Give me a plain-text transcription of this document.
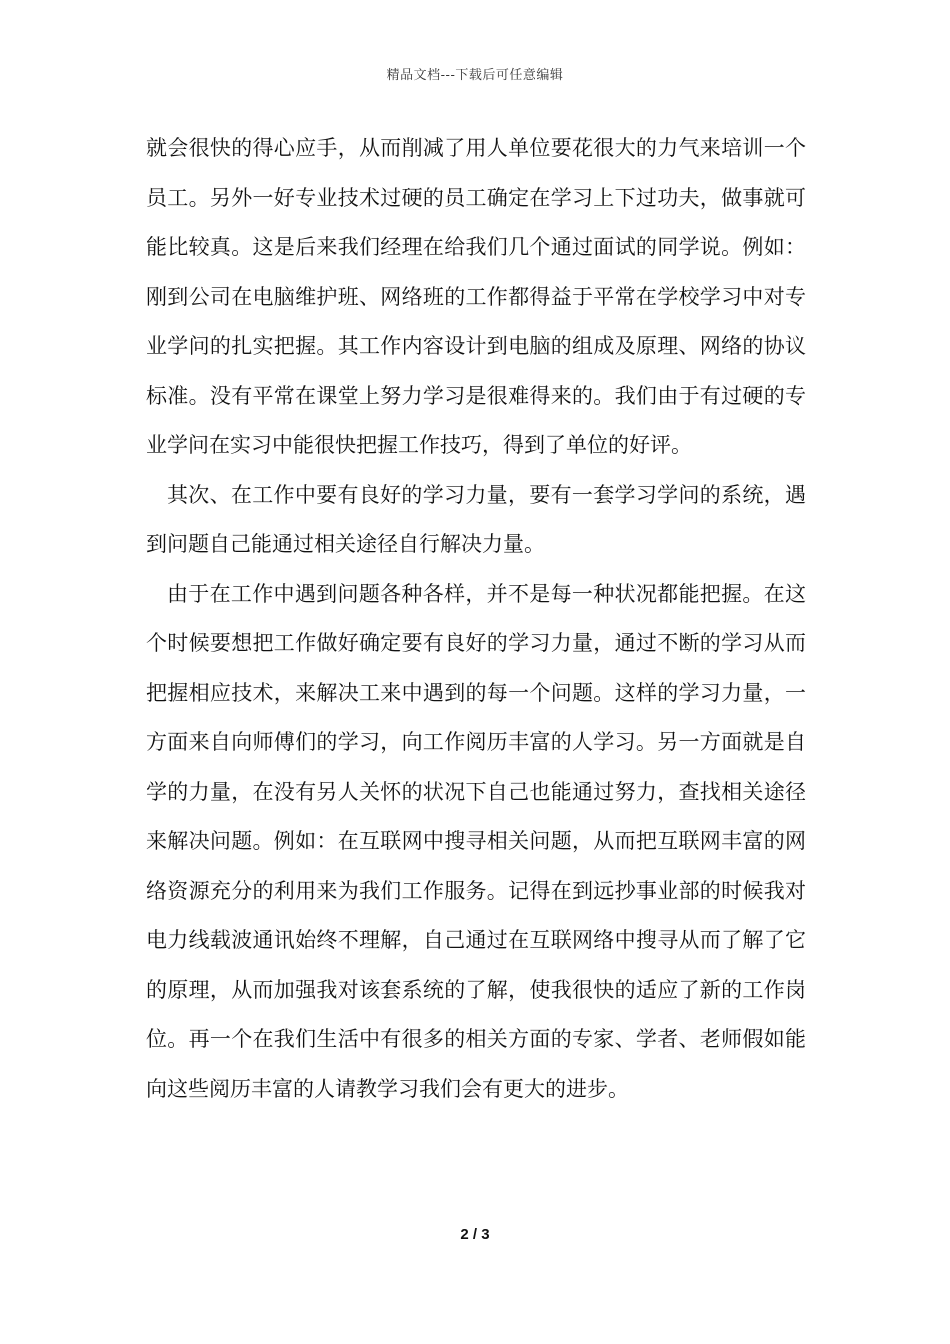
精品文档---下载后可任意编辑

就会很快的得心应手，从而削减了用人单位要花很大的力气来培训一个员工。另外一好专业技术过硬的员工确定在学习上下过功夫，做事就可能比较真。这是后来我们经理在给我们几个通过面试的同学说。例如：刚到公司在电脑维护班、网络班的工作都得益于平常在学校学习中对专业学问的扎实把握。其工作内容设计到电脑的组成及原理、网络的协议标准。没有平常在课堂上努力学习是很难得来的。我们由于有过硬的专业学问在实习中能很快把握工作技巧，得到了单位的好评。

其次、在工作中要有良好的学习力量，要有一套学习学问的系统，遇到问题自己能通过相关途径自行解决力量。

由于在工作中遇到问题各种各样，并不是每一种状况都能把握。在这个时候要想把工作做好确定要有良好的学习力量，通过不断的学习从而把握相应技术，来解决工来中遇到的每一个问题。这样的学习力量，一方面来自向师傅们的学习，向工作阅历丰富的人学习。另一方面就是自学的力量，在没有另人关怀的状况下自己也能通过努力，查找相关途径来解决问题。例如：在互联网中搜寻相关问题，从而把互联网丰富的网络资源充分的利用来为我们工作服务。记得在到远抄事业部的时候我对电力线载波通讯始终不理解，自己通过在互联网络中搜寻从而了解了它的原理，从而加强我对该套系统的了解，使我很快的适应了新的工作岗位。再一个在我们生活中有很多的相关方面的专家、学者、老师假如能向这些阅历丰富的人请教学习我们会有更大的进步。

2 / 3
